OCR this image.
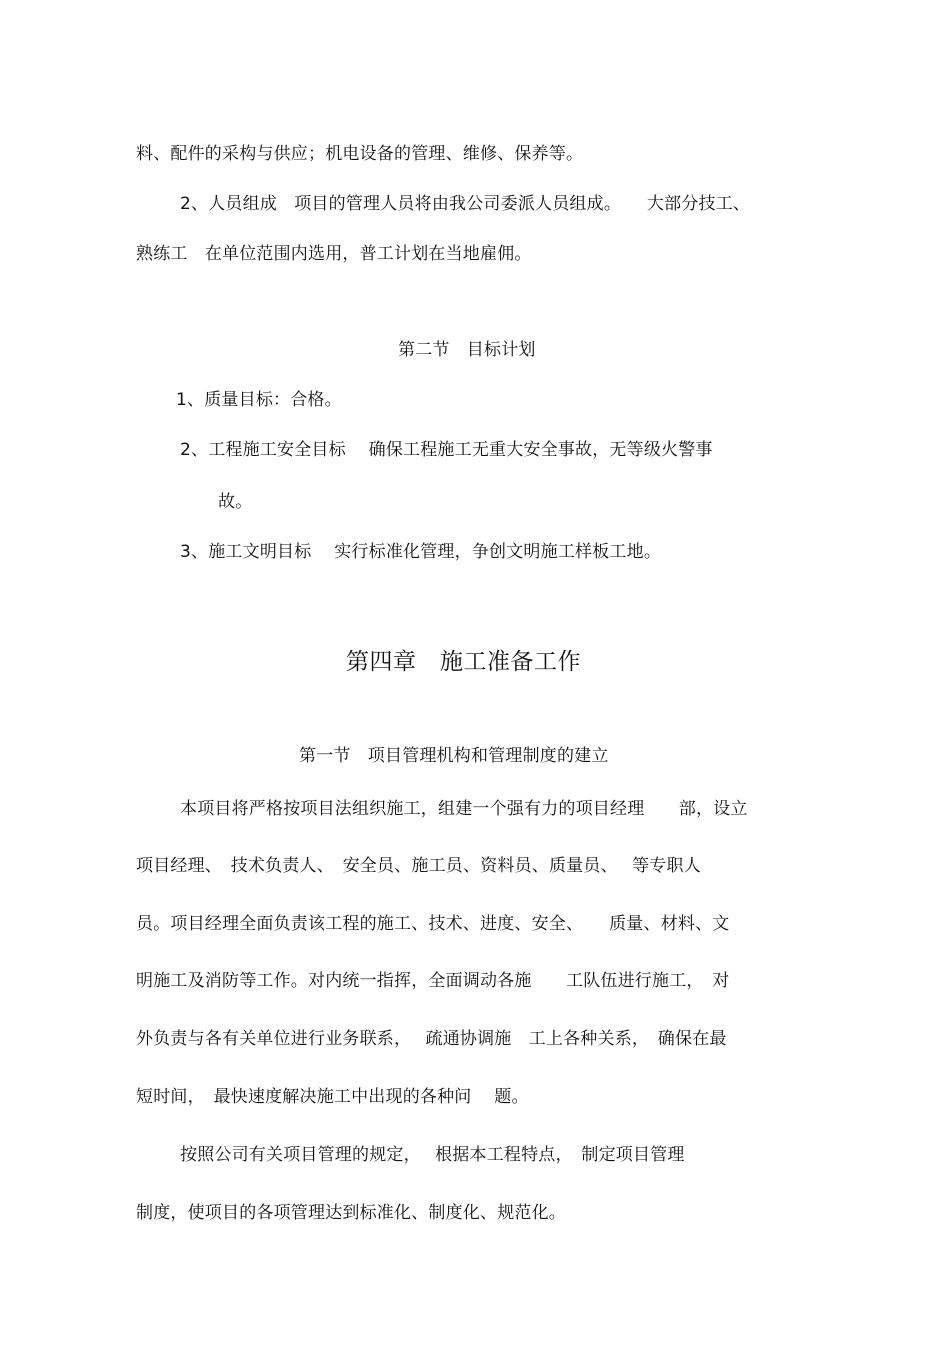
料、配件的采构与供应；机电设备的管理、维修、保养等。
2、人员组成　项目的管理人员将由我公司委派人员组成。　　大部分技工、
熟练工　在单位范围内选用，普工计划在当地雇佣。
第二节　目标计划
1、质量目标：合格。
2、工程施工安全目标　 确保工程施工无重大安全事故，无等级火警事
故。
3、施工文明目标　 实行标准化管理，争创文明施工样板工地。
第四章　施工准备工作
第一节　项目管理机构和管理制度的建立
本项目将严格按项目法组织施工，组建一个强有力的项目经理　　部，设立
项目经理、　技术负责人、　安全员、施工员、资料员、质量员、　 等专职人
员。项目经理全面负责该工程的施工、技术、进度、安全、　　质量、材料、文
明施工及消防等工作。对内统一指挥，全面调动各施　　工队伍进行施工，　对
外负责与各有关单位进行业务联系，　 疏通协调施　工上各种关系，　确保在最
短时间，　最快速度解决施工中出现的各种问　 题。
按照公司有关项目管理的规定，　 根据本工程特点，　制定项目管理
制度，使项目的各项管理达到标准化、制度化、规范化。
